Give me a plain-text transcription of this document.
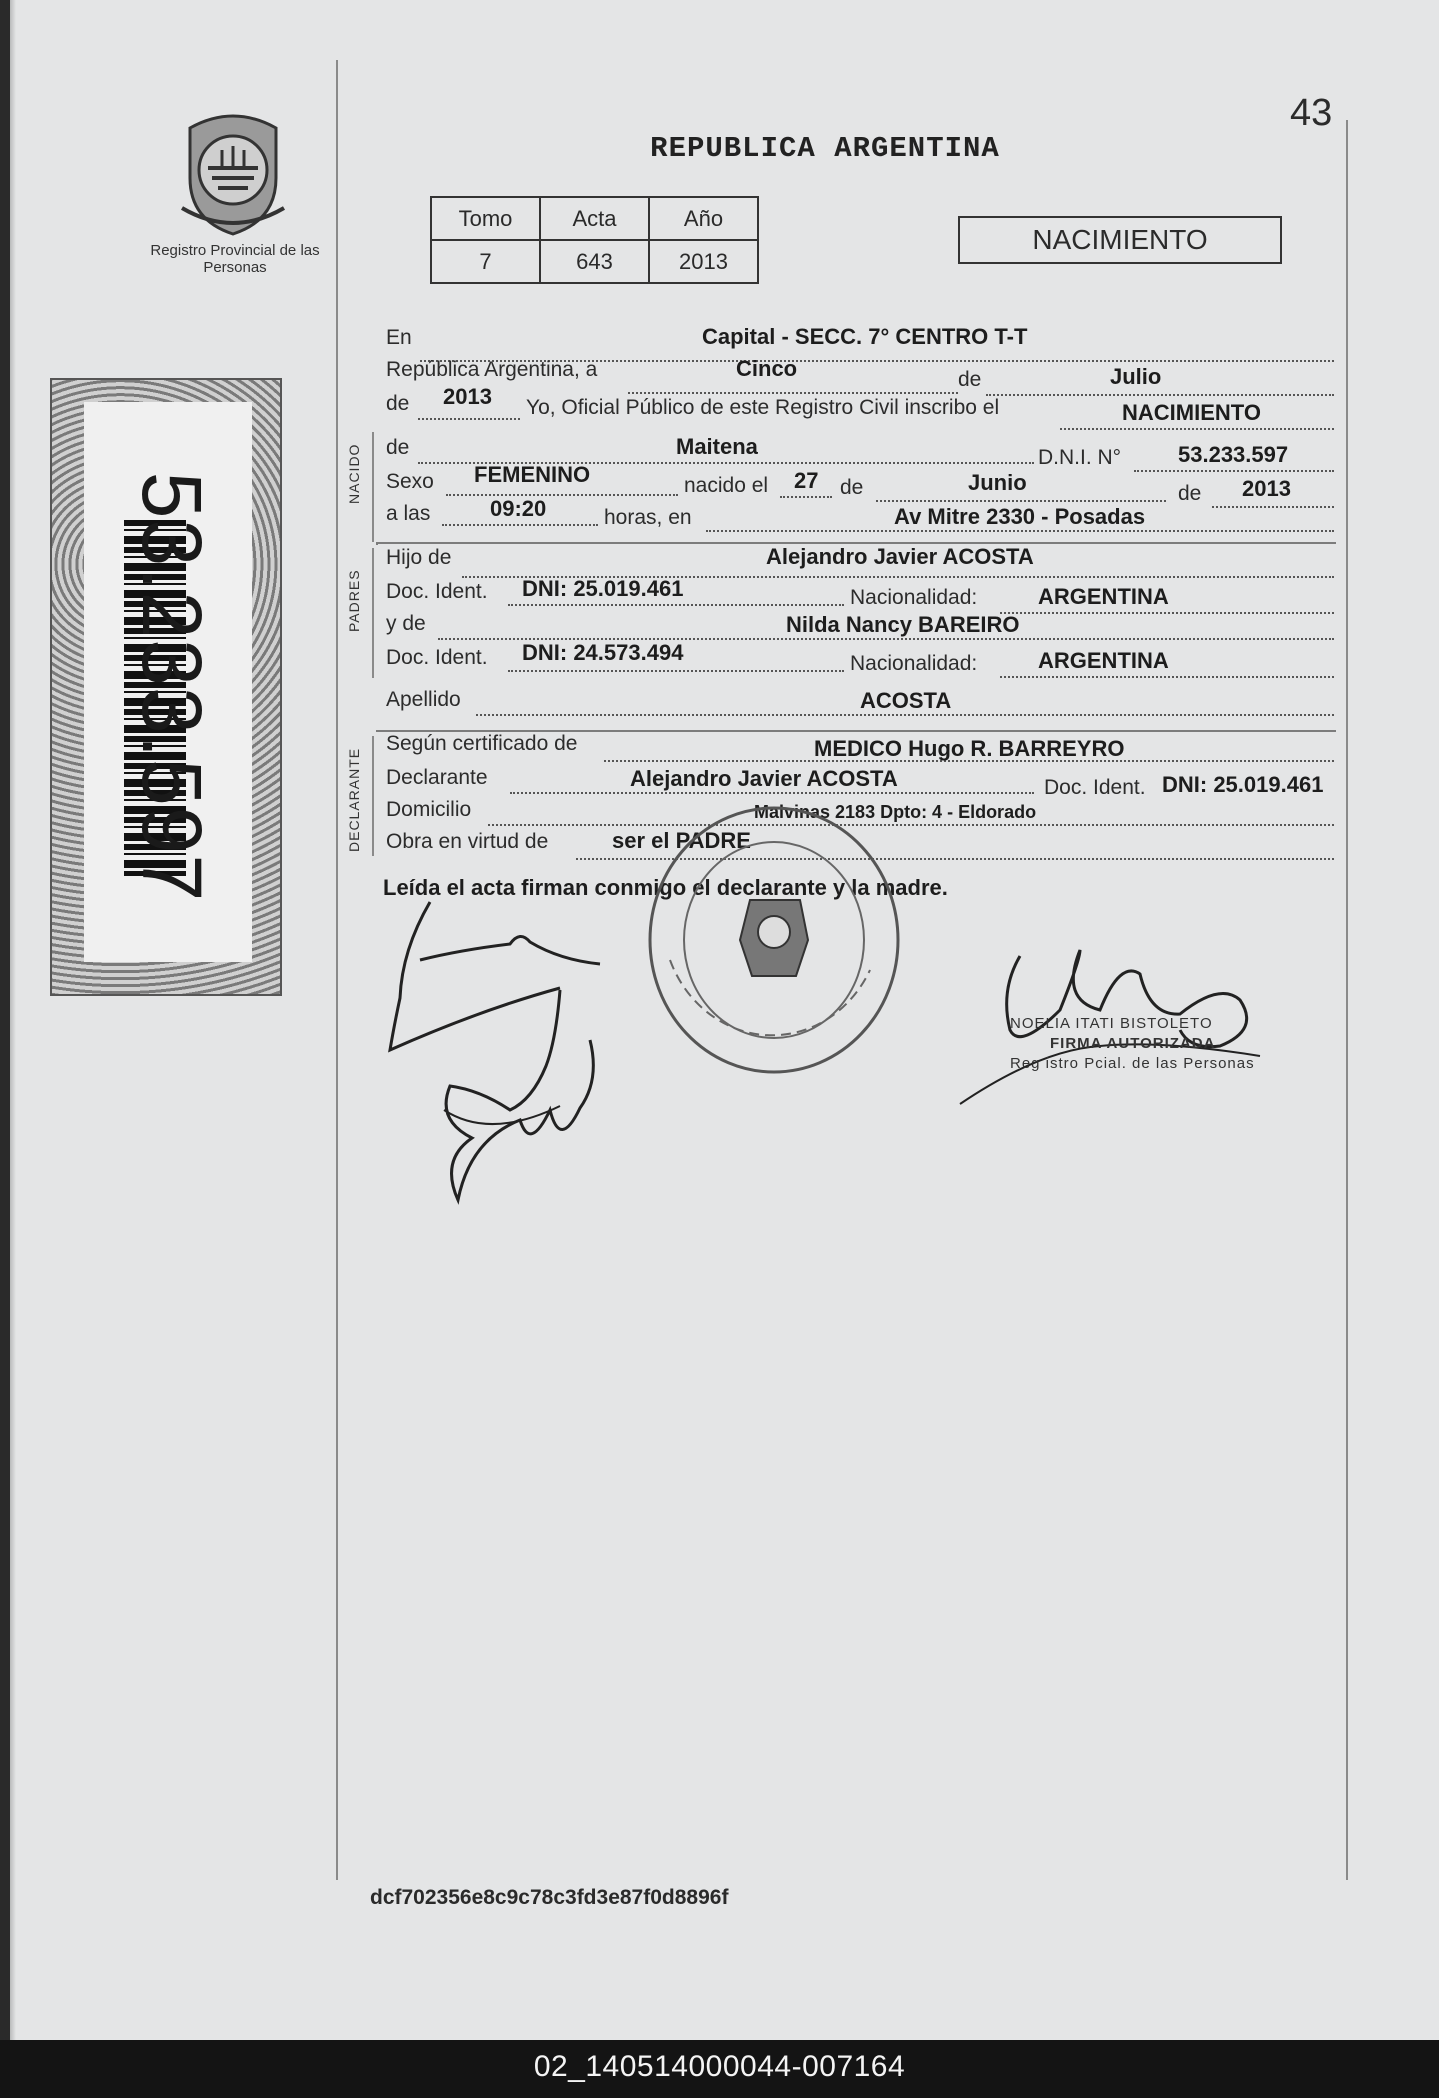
02_140514000044-007164
43
Registro Provincial de las Personas
REPUBLICA ARGENTINA
Tomo	Acta	Año
7	643	2013
NACIMIENTO
53.233.597	NACIDO
PADRES
DECLARANTE
En	Capital - SECC. 7° CENTRO T-T
República Argentina, a	Cinco	de	Julio
de 2013 Yo, Oficial Público de este Registro Civil inscribo el	NACIMIENTO
de	Maitena	D.N.I. N°	53.233.597
Sexo FEMENINO	nacido el 27 de	Junio	de 2013
a las	09:20	horas, en	Av Mitre 2330 - Posadas
Hijo de	Alejandro Javier ACOSTA
Doc. Ident. DNI: 25.019.461	Nacionalidad:	ARGENTINA
y de	Nilda Nancy BAREIRO
Doc. Ident. DNI: 24.573.494	Nacionalidad:	ARGENTINA
Apellido	ACOSTA
Según certificado de	MEDICO Hugo R. BARREYRO
Declarante	Alejandro Javier ACOSTA	Doc. Ident. DNI: 25.019.461
Domicilio	Malvinas 2183 Dpto: 4 - Eldorado
Obra en virtud de	ser el PADRE
Leída el acta firman conmigo el declarante y la madre.
NOELIA ITATI BISTOLETO
FIRMA AUTORIZADA
Reg istro Pcial. de las Personas
dcf702356e8c9c78c3fd3e87f0d8896f
